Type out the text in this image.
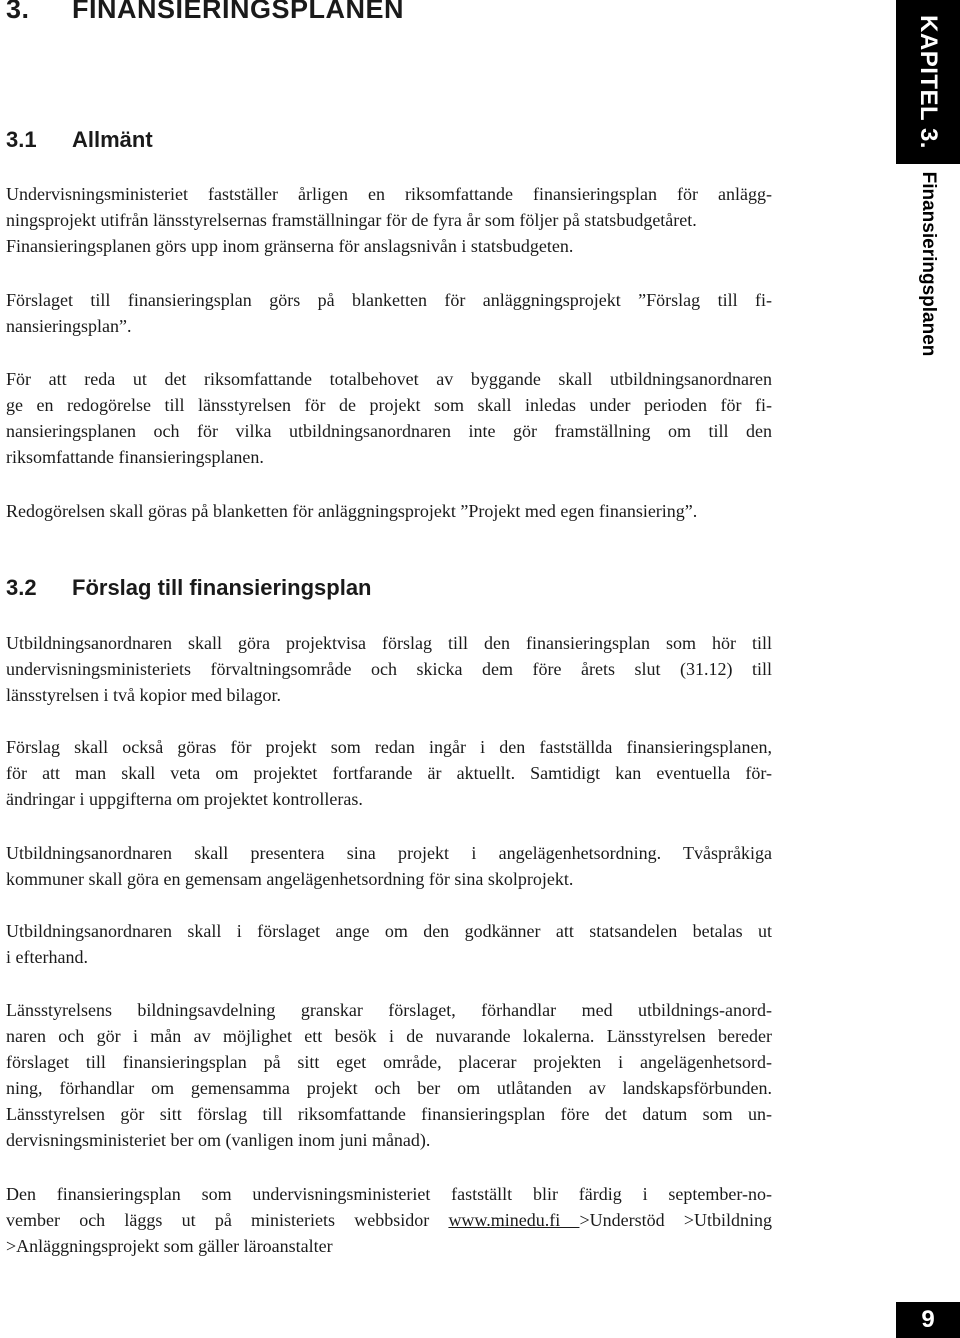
3. FINANSIERINGSPLANEN
KAPITEL 3.
Finansieringsplanen
3.1 Allmänt

Undervisningsministeriet fastställer årligen en riksomfattande finansieringsplan för anlägg-
ningsprojekt utifrån länsstyrelsernas framställningar för de fyra år som följer på statsbudgetåret.
Finansieringsplanen görs upp inom gränserna för anslagsnivån i statsbudgeten.

Förslaget till finansieringsplan görs på blanketten för anläggningsprojekt ”Förslag till fi-
nansieringsplan”.

För att reda ut det riksomfattande totalbehovet av byggande skall utbildningsanordnaren
ge en redogörelse till länsstyrelsen för de projekt som skall inledas under perioden för fi-
nansieringsplanen och för vilka utbildningsanordnaren inte gör framställning om till den
riksomfattande finansieringsplanen.

Redogörelsen skall göras på blanketten för anläggningsprojekt ”Projekt med egen finansiering”.

3.2 Förslag till finansieringsplan

Utbildningsanordnaren skall göra projektvisa förslag till den finansieringsplan som hör till
undervisningsministeriets förvaltningsområde och skicka dem före årets slut (31.12) till
länsstyrelsen i två kopior med bilagor.

Förslag skall också göras för projekt som redan ingår i den fastställda finansieringsplanen,
för att man skall veta om projektet fortfarande är aktuellt. Samtidigt kan eventuella för-
ändringar i uppgifterna om projektet kontrolleras.

Utbildningsanordnaren skall presentera sina projekt i angelägenhetsordning. Tvåspråkiga
kommuner skall göra en gemensam angelägenhetsordning för sina skolprojekt.

Utbildningsanordnaren skall i förslaget ange om den godkänner att statsandelen betalas ut
i efterhand.

Länsstyrelsens bildningsavdelning granskar förslaget, förhandlar med utbildnings-anord-
naren och gör i mån av möjlighet ett besök i de nuvarande lokalerna. Länsstyrelsen bereder
förslaget till finansieringsplan på sitt eget område, placerar projekten i angelägenhetsord-
ning, förhandlar om gemensamma projekt och ber om utlåtanden av landskapsförbunden.
Länsstyrelsen gör sitt förslag till riksomfattande finansieringsplan före det datum som un-
dervisningsministeriet ber om (vanligen inom juni månad).

Den finansieringsplan som undervisningsministeriet fastställt blir färdig i september-no-
vember och läggs ut på ministeriets webbsidor www.minedu.fi >Understöd >Utbildning
>Anläggningsprojekt som gäller läroanstalter

9
